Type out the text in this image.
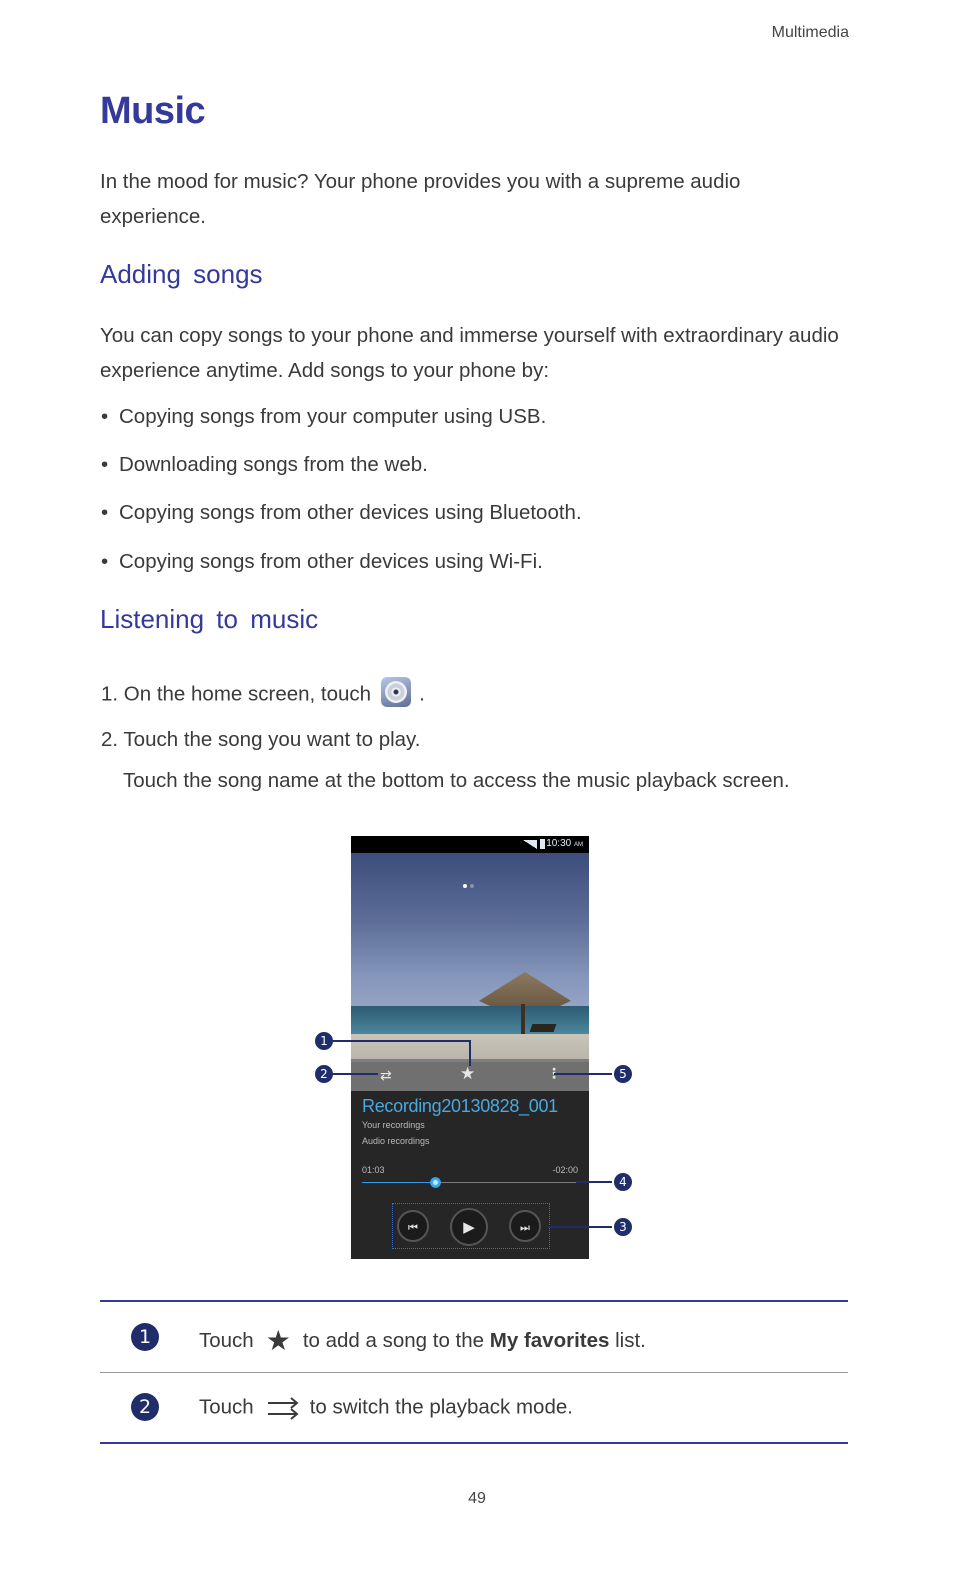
Multimedia
Music

In the mood for music? Your phone provides you with a supreme audio experience.

Adding songs

You can copy songs to your phone and immerse yourself with extraordinary audio experience anytime. Add songs to your phone by:

• Copying songs from your computer using USB.
• Downloading songs from the web.
• Copying songs from other devices using Bluetooth.
• Copying songs from other devices using Wi-Fi.
Listening to music
1. On the home screen, touch .
2. Touch the song you want to play.
Touch the song name at the bottom to access the music playback screen.
10:30 AM
⇄	★	⋮
Recording20130828_001
Your recordings
Audio recordings
01:03	-02:00
⏮	▶	⏭
1
2
3
4
5
1	Touch ★ to add a song to the My favorites list.
2	Touch	to switch the playback mode.
49
